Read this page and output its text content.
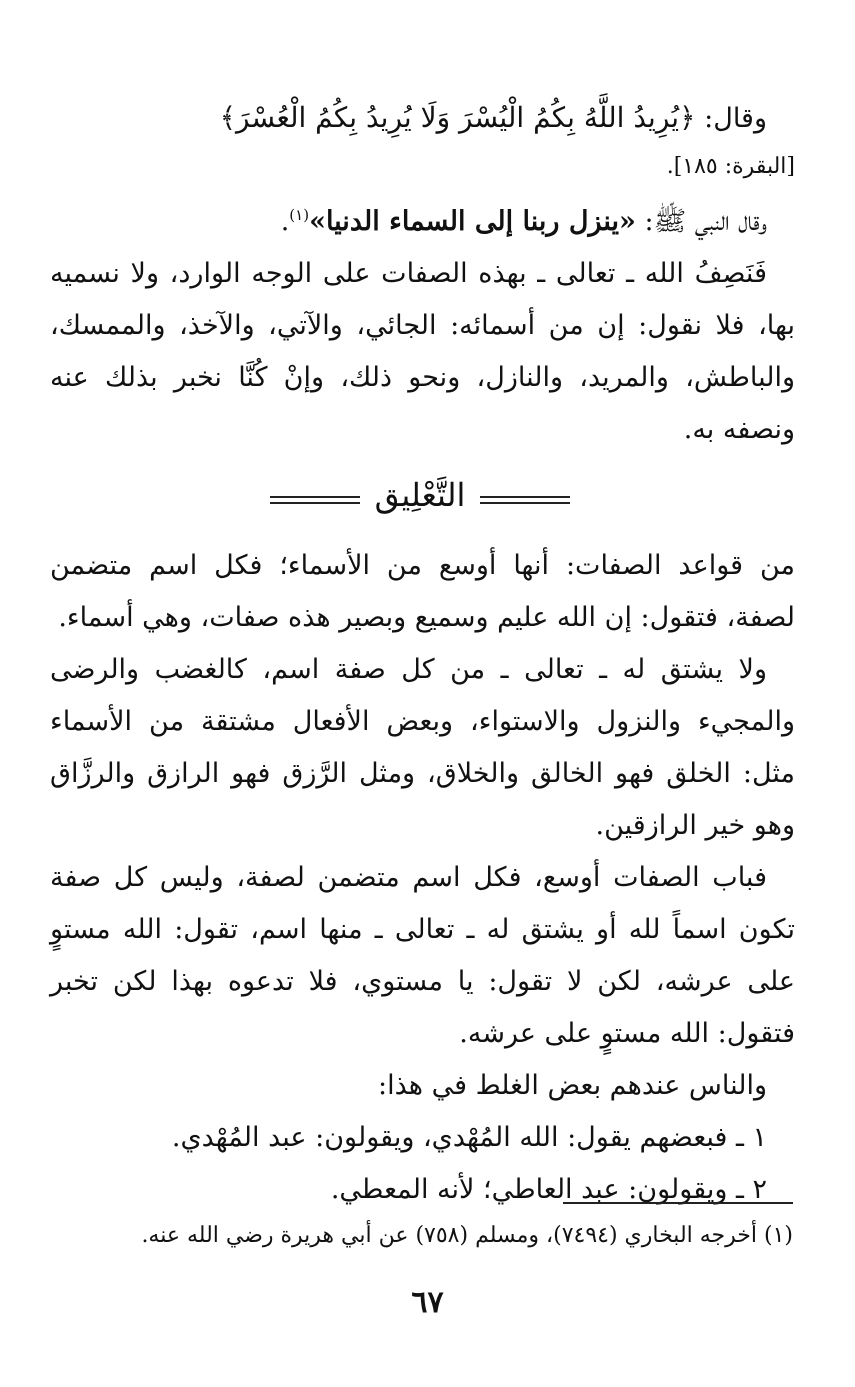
وقال: ﴿يُرِيدُ اللَّهُ بِكُمُ الْيُسْرَ وَلَا يُرِيدُ بِكُمُ الْعُسْرَ﴾

[البقرة: ١٨٥].

وقال النبي ﷺ: «ينزل ربنا إلى السماء الدنيا»$^{(١)}$.

فَنَصِفُ الله ـ تعالى ـ بهذه الصفات على الوجه الوارد، ولا نسميه بها، فلا نقول: إن من أسمائه: الجائي، والآتي، والآخذ، والممسك، والباطش، والمريد، والنازل، ونحو ذلك، وإنْ كُنَّا نخبر بذلك عنه ونصفه به.

التَّعْلِيق

من قواعد الصفات: أنها أوسع من الأسماء؛ فكل اسم متضمن لصفة، فتقول: إن الله عليم وسميع وبصير هذه صفات، وهي أسماء.

ولا يشتق له ـ تعالى ـ من كل صفة اسم، كالغضب والرضى والمجيء والنزول والاستواء، وبعض الأفعال مشتقة من الأسماء مثل: الخلق فهو الخالق والخلاق، ومثل الرَّزق فهو الرازق والرزَّاق وهو خير الرازقين.

فباب الصفات أوسع، فكل اسم متضمن لصفة، وليس كل صفة تكون اسماً لله أو يشتق له ـ تعالى ـ منها اسم، تقول: الله مستوٍ على عرشه، لكن لا تقول: يا مستوي، فلا تدعوه بهذا لكن تخبر فتقول: الله مستوٍ على عرشه.

والناس عندهم بعض الغلط في هذا:

١ ـ فبعضهم يقول: الله المُهْدي، ويقولون: عبد المُهْدي.

٢ ـ ويقولون: عبد العاطي؛ لأنه المعطي.

(١) أخرجه البخاري (٧٤٩٤)، ومسلم (٧٥٨) عن أبي هريرة رضي الله عنه.
٦٧
